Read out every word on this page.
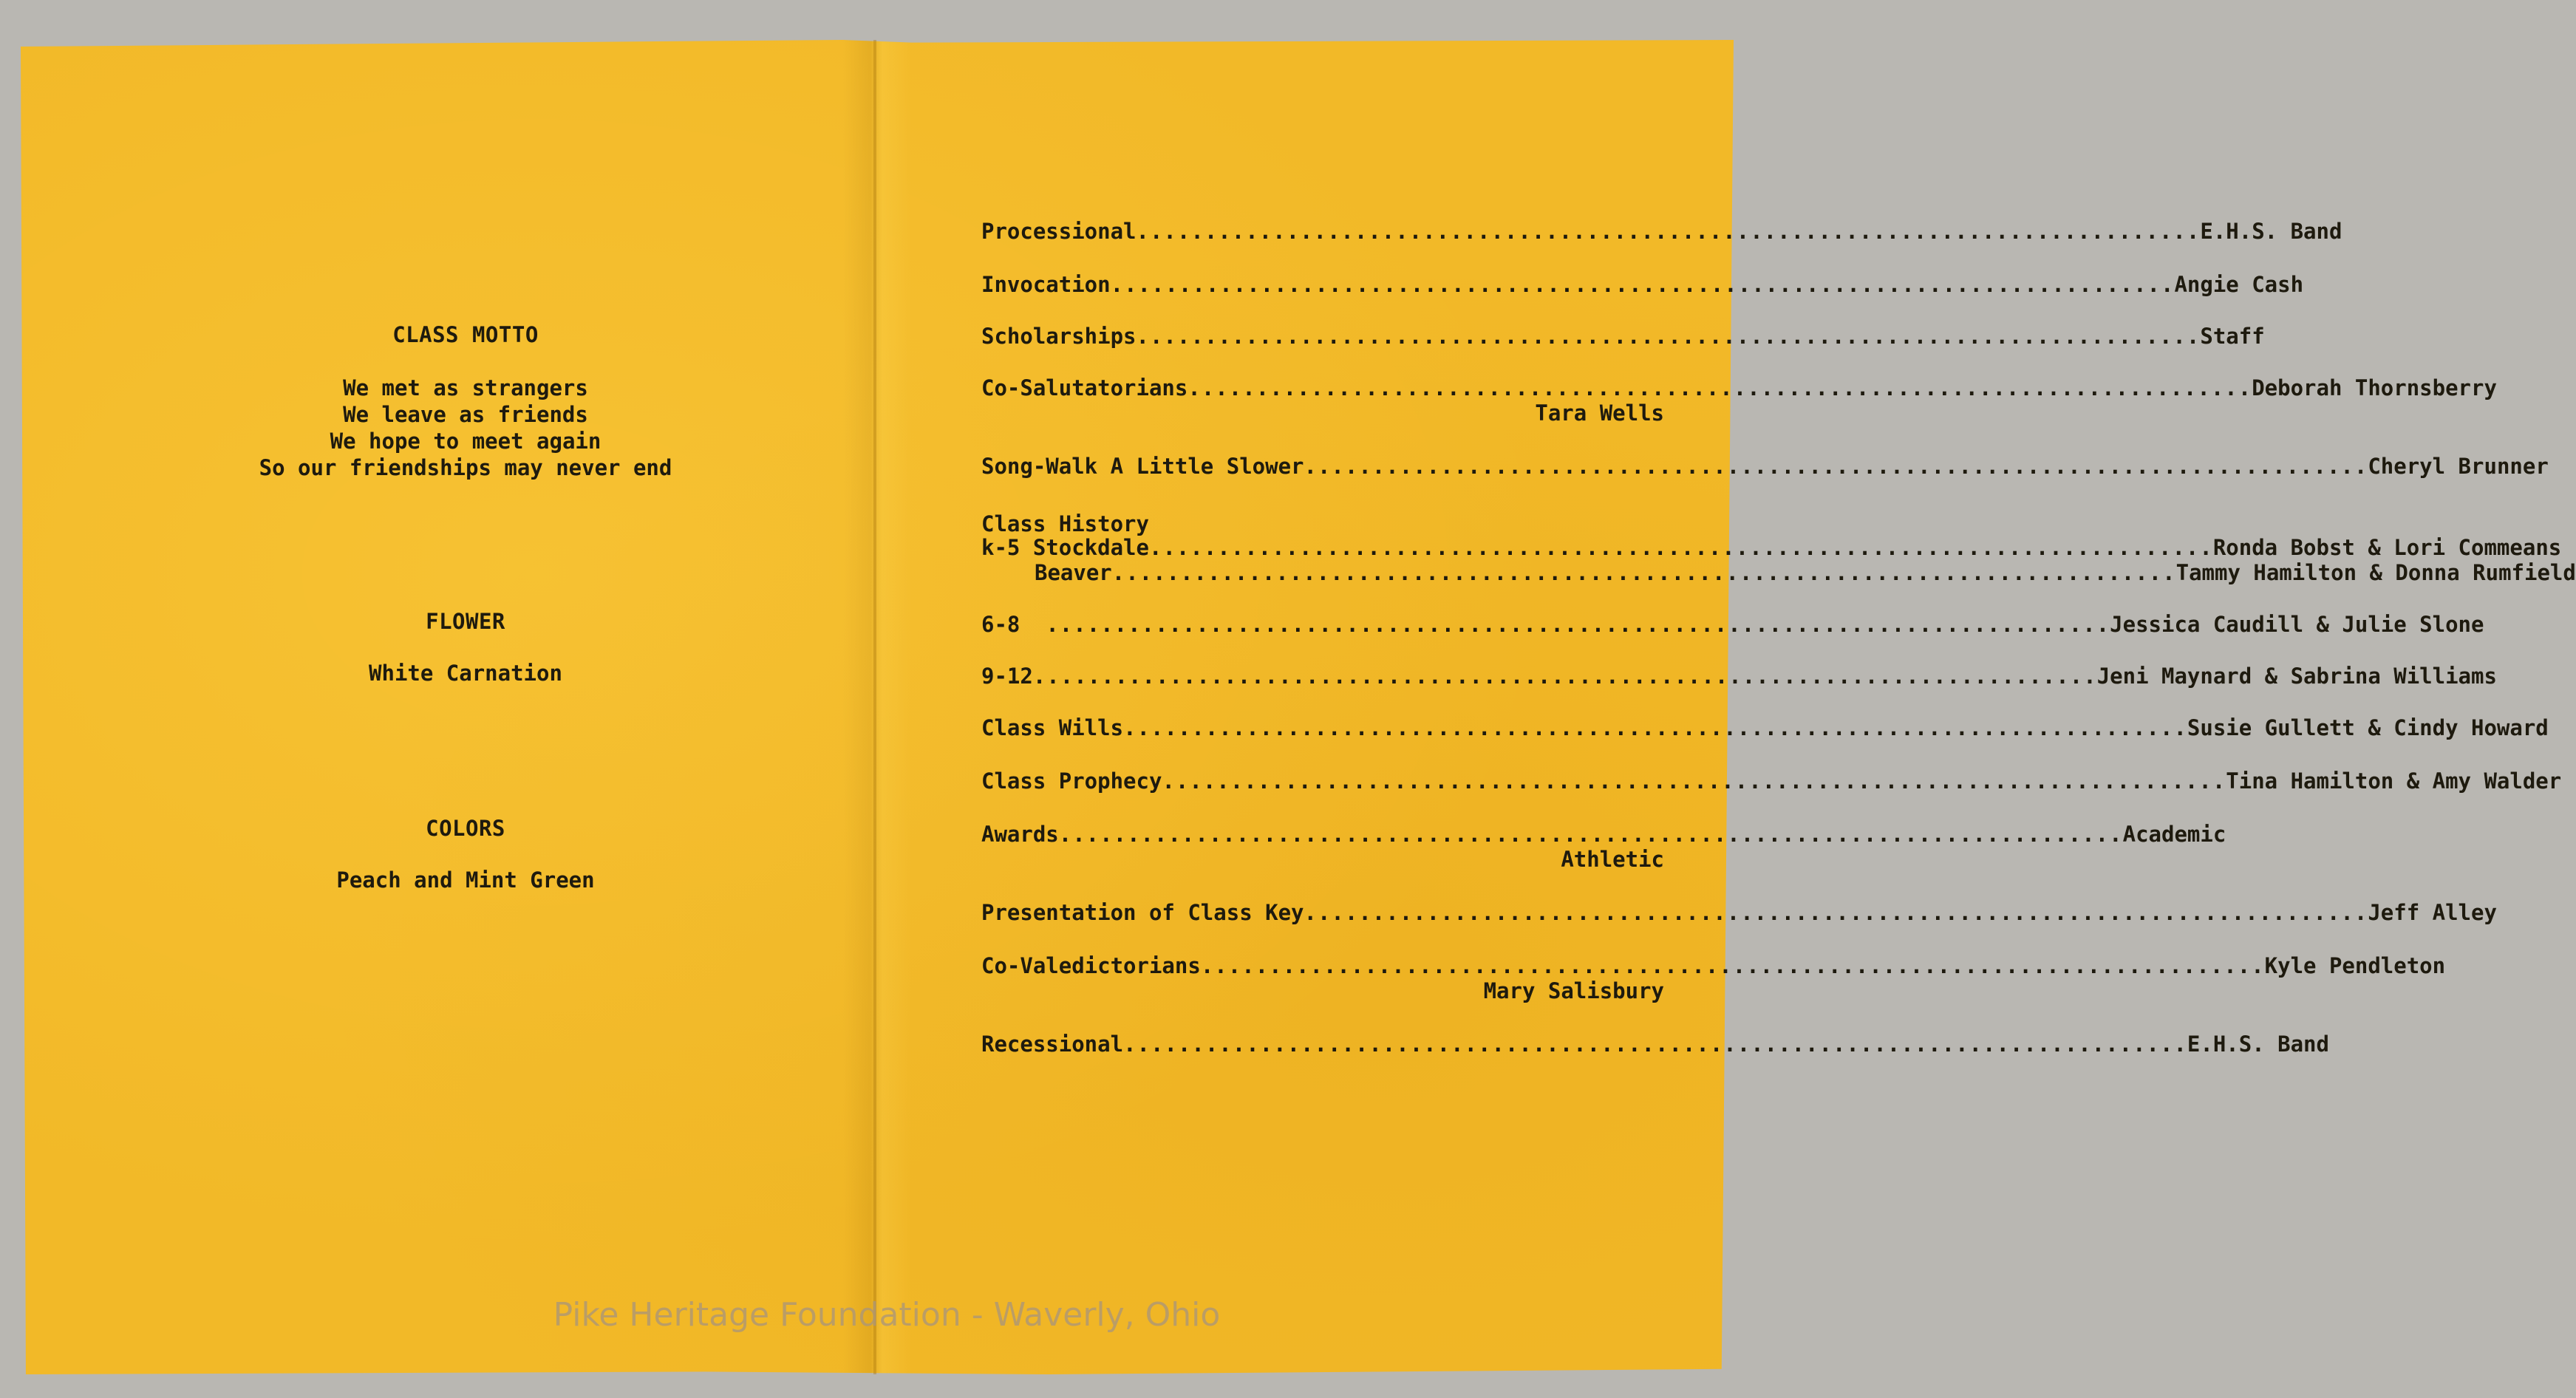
CLASS MOTTO
We met as strangers
We leave as friends
We hope to meet again
So our friendships may never end
FLOWER
White Carnation
COLORS
Peach and Mint Green

Processional .............................................................................. E.H.S. Band

Invocation .............................................................................. Angie Cash

Scholarships .............................................................................. Staff

Co-Salutatorians .............................................................................. Deborah Thornsberry

Tara Wells

Song-Walk A Little Slower .............................................................................. Cheryl Brunner

Class History

k-5 Stockdale .............................................................................. Ronda Bobst & Lori Commeans

Beaver .............................................................................. Tammy Hamilton & Donna Rumfield

6-8 .............................................................................. Jessica Caudill & Julie Slone

9-12 .............................................................................. Jeni Maynard & Sabrina Williams

Class Wills .............................................................................. Susie Gullett & Cindy Howard

Class Prophecy .............................................................................. Tina Hamilton & Amy Walder

Awards .............................................................................. Academic

Athletic

Presentation of Class Key .............................................................................. Jeff Alley

Co-Valedictorians .............................................................................. Kyle Pendleton

Mary Salisbury

Recessional .............................................................................. E.H.S. Band

Pike Heritage Foundation - Waverly, Ohio
